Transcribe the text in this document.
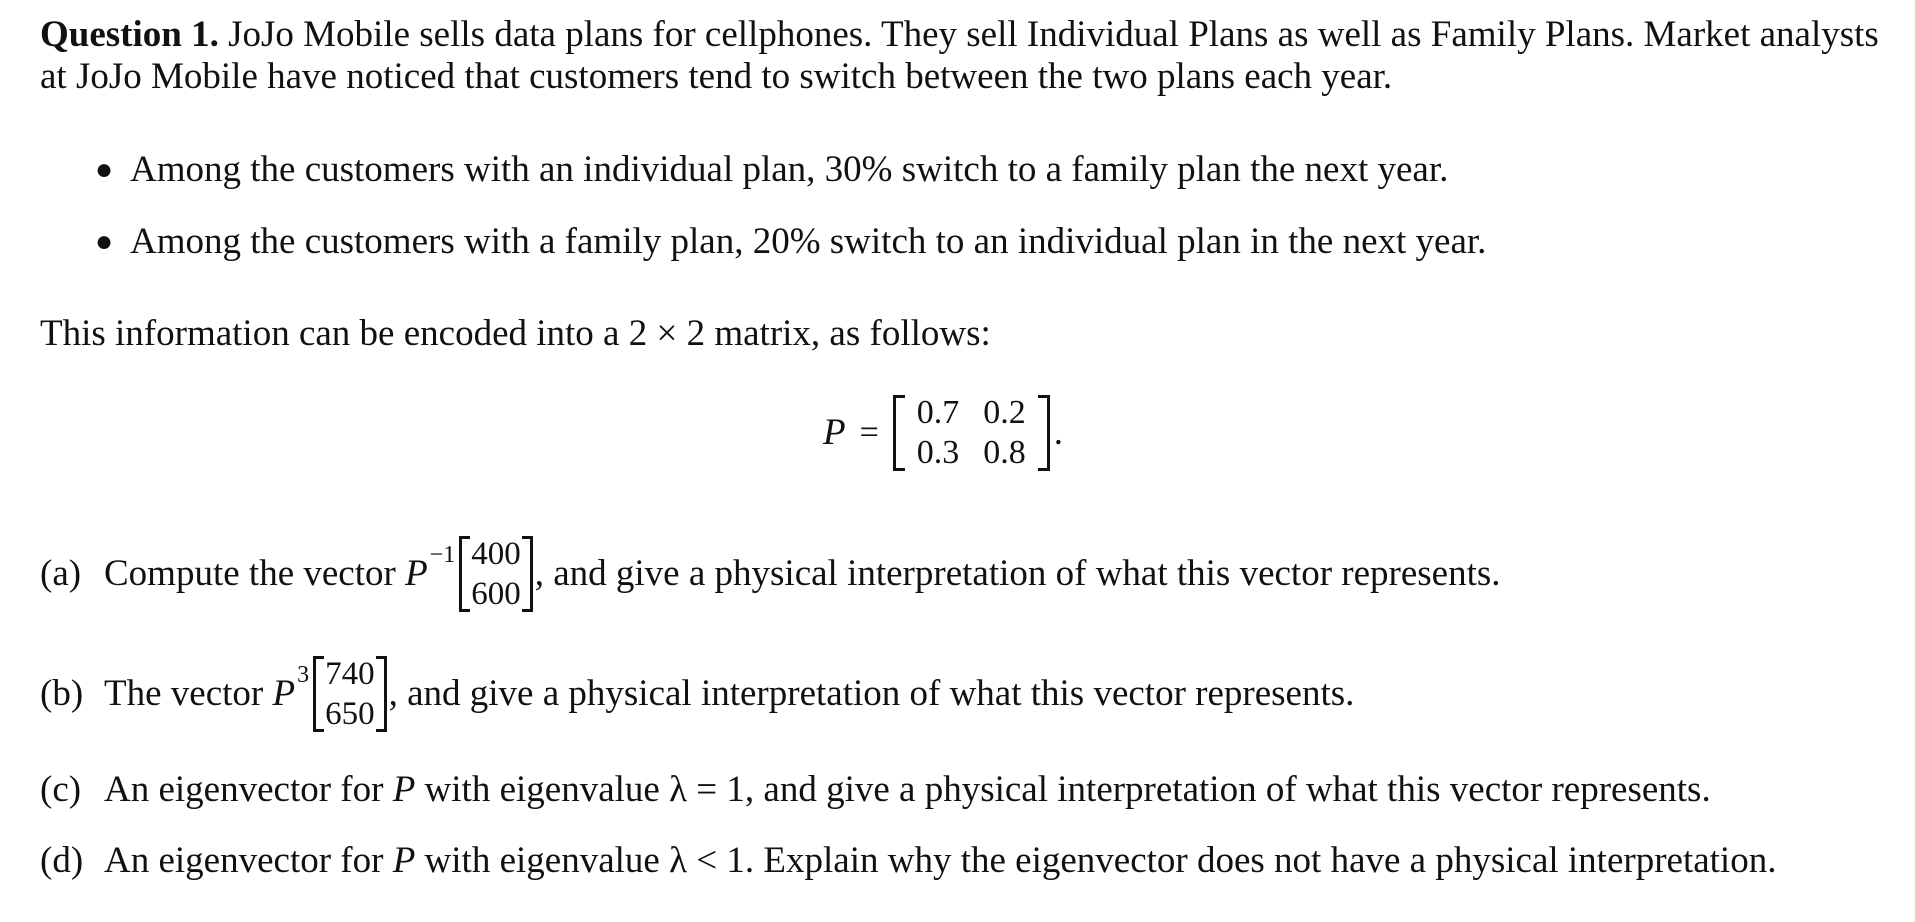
Question 1. JoJo Mobile sells data plans for cellphones. They sell Individual Plans as well as Family Plans. Market analysts at JoJo Mobile have noticed that customers tend to switch between the two plans each year.
● Among the customers with an individual plan, 30% switch to a family plan the next year.
● Among the customers with a family plan, 20% switch to an individual plan in the next year.
This information can be encoded into a 2 × 2 matrix, as follows:
P =
0.7	0.2
0.3	0.8 .
(a) Compute the vector P −1 400
600
, and give a physical interpretation of what this vector represents.
(b) The vector P 3 740
650
, and give a physical interpretation of what this vector represents.
(c) An eigenvector for P with eigenvalue λ = 1 , and give a physical interpretation of what this vector represents.
(d) An eigenvector for P with eigenvalue λ < 1 . Explain why the eigenvector does not have a physical interpretation.
